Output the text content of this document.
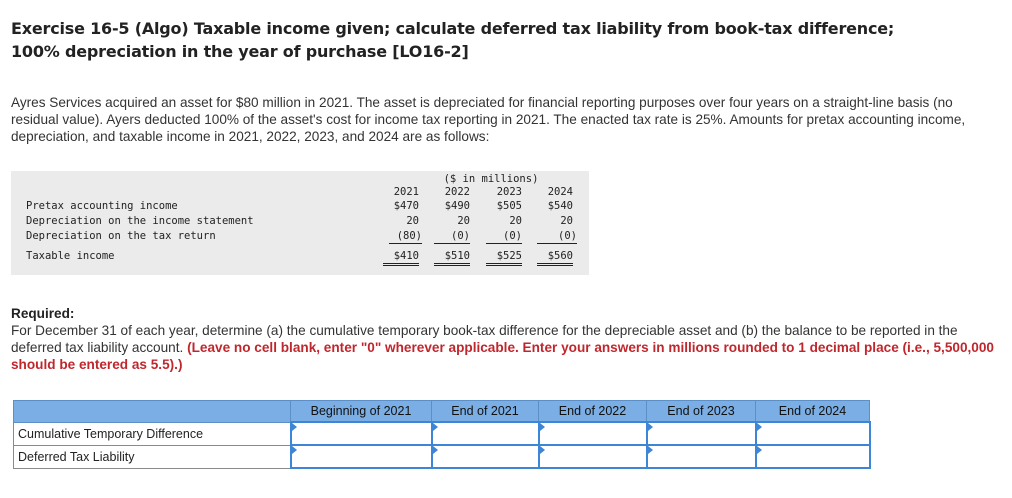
Exercise 16-5 (Algo) Taxable income given; calculate deferred tax liability from book-tax difference;
100% depreciation in the year of purchase [LO16-2]
Ayres Services acquired an asset for $80 million in 2021. The asset is depreciated for financial reporting purposes over four years on a straight-line basis (no residual value). Ayers deducted 100% of the asset's cost for income tax reporting in 2021. The enacted tax rate is 25%. Amounts for pretax accounting income, depreciation, and taxable income in 2021, 2022, 2023, and 2024 are as follows:
($ in millions)
2021	2022	2023	2024
Pretax accounting income	$470	$490	$505	$540
Depreciation on the income statement	20	20	20	20
Depreciation on the tax return	(80)	(0)	(0)	(0)
Taxable income	$410	$510	$525	$560
Required:
For December 31 of each year, determine (a) the cumulative temporary book-tax difference for the depreciable asset and (b) the balance to be reported in the deferred tax liability account. (Leave no cell blank, enter "0" wherever applicable. Enter your answers in millions rounded to 1 decimal place (i.e., 5,500,000 should be entered as 5.5).)
	Beginning of 2021	End of 2021	End of 2022	End of 2023	End of 2024
Cumulative Temporary Difference					
Deferred Tax Liability					
